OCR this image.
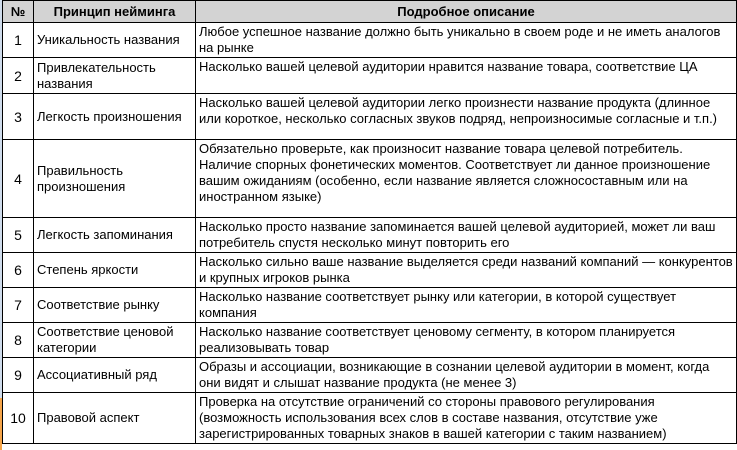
№	Принцип нейминга	Подробное описание
1	Уникальность названия	Любое успешное название должно быть уникально в своем роде и не иметь аналогов на рынке
2	Привлекательность названия	Насколько вашей целевой аудитории нравится название товара, соответствие ЦА
3	Легкость произношения	Насколько вашей целевой аудитории легко произнести название продукта (длинное или короткое, несколько согласных звуков подряд, непроизносимые согласные и т.п.)
4	Правильность произношения	Обязательно проверьте, как произносит название товара целевой потребитель. Наличие спорных фонетических моментов. Соответствует ли данное произношение вашим ожиданиям (особенно, если название является сложносоставным или на иностранном языке)
5	Легкость запоминания	Насколько просто название запоминается вашей целевой аудиторией, может ли ваш потребитель спустя несколько минут повторить его
6	Степень яркости	Насколько сильно ваше название выделяется среди названий компаний — конкурентов и крупных игроков рынка
7	Соответствие рынку	Насколько название соответствует рынку или категории, в которой существует компания
8	Соответствие ценовой категории	Насколько название соответствует ценовому сегменту, в котором планируется реализовывать товар
9	Ассоциативный ряд	Образы и ассоциации, возникающие в сознании целевой аудитории в момент, когда они видят и слышат название продукта (не менее 3)
10	Правовой аспект	Проверка на отсутствие ограничений со стороны правового регулирования (возможность использования всех слов в составе названия, отсутствие уже зарегистрированных товарных знаков в вашей категории с таким названием)
